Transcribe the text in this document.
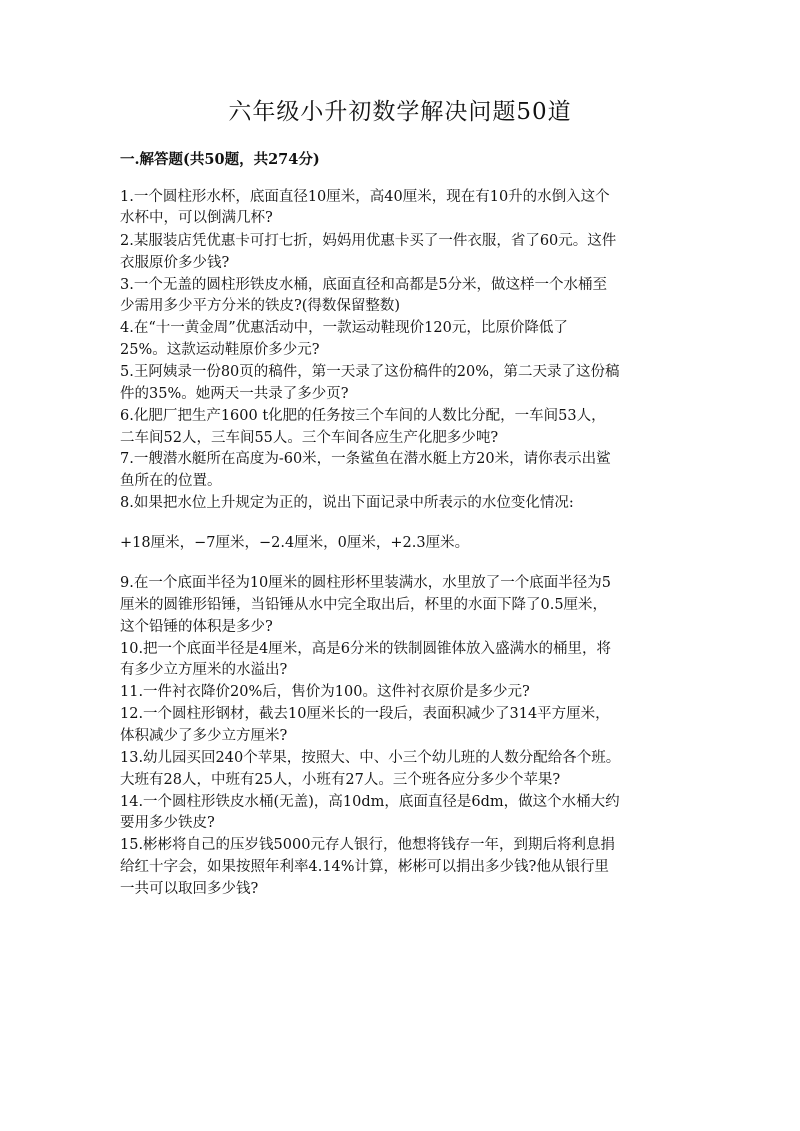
六年级小升初数学解决问题50道
一.解答题(共50题，共274分)
1.一个圆柱形水杯，底面直径10厘米，高40厘米，现在有10升的水倒入这个
水杯中，可以倒满几杯?
2.某服装店凭优惠卡可打七折，妈妈用优惠卡买了一件衣服，省了60元。这件
衣服原价多少钱?
3.一个无盖的圆柱形铁皮水桶，底面直径和高都是5分米，做这样一个水桶至
少需用多少平方分米的铁皮?(得数保留整数)
4.在“十一黄金周”优惠活动中，一款运动鞋现价120元，比原价降低了
25%。这款运动鞋原价多少元?
5.王阿姨录一份80页的稿件，第一天录了这份稿件的20%，第二天录了这份稿
件的35%。她两天一共录了多少页?
6.化肥厂把生产1600 t化肥的任务按三个车间的人数比分配，一车间53人，
二车间52人，三车间55人。三个车间各应生产化肥多少吨?
7.一艘潜水艇所在高度为-60米，一条鲨鱼在潜水艇上方20米，请你表示出鲨
鱼所在的位置。
8.如果把水位上升规定为正的，说出下面记录中所表示的水位变化情况:
+18厘米，−7厘米，−2.4厘米，0厘米，+2.3厘米。
9.在一个底面半径为10厘米的圆柱形杯里装满水，水里放了一个底面半径为5
厘米的圆锥形铅锤，当铅锤从水中完全取出后，杯里的水面下降了0.5厘米，
这个铅锤的体积是多少?
10.把一个底面半径是4厘米，高是6分米的铁制圆锥体放入盛满水的桶里，将
有多少立方厘米的水溢出?
11.一件衬衣降价20%后，售价为100。这件衬衣原价是多少元?
12.一个圆柱形钢材，截去10厘米长的一段后，表面积减少了314平方厘米，
体积减少了多少立方厘米?
13.幼儿园买回240个苹果，按照大、中、小三个幼儿班的人数分配给各个班。
大班有28人，中班有25人，小班有27人。三个班各应分多少个苹果?
14.一个圆柱形铁皮水桶(无盖)，高10dm，底面直径是6dm，做这个水桶大约
要用多少铁皮?
15.彬彬将自己的压岁钱5000元存人银行，他想将钱存一年，到期后将利息捐
给红十字会，如果按照年利率4.14%计算，彬彬可以捐出多少钱?他从银行里
一共可以取回多少钱?
